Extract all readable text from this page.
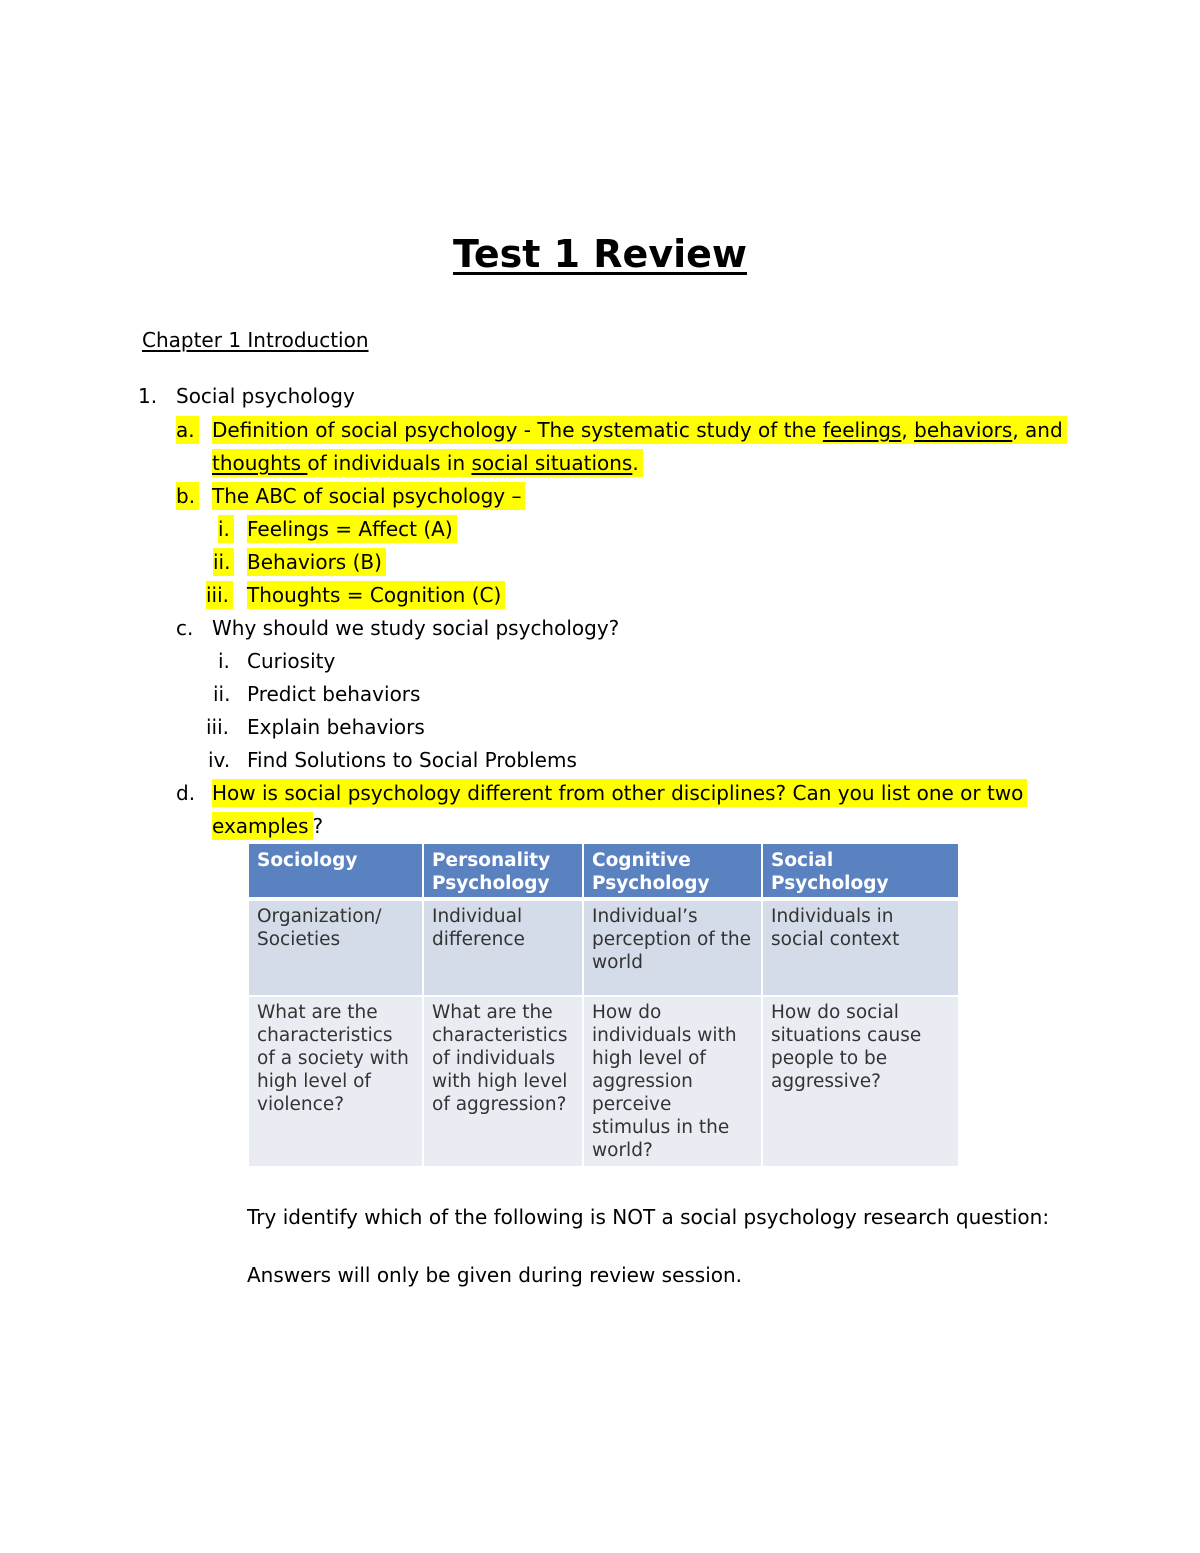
Test 1 Review
Chapter 1 Introduction
1. Social psychology
a. Definition of social psychology - The systematic study of the feelings, behaviors, and
thoughts of individuals in social situations.
b. The ABC of social psychology –
i. Feelings = Affect (A)
ii. Behaviors (B)
iii. Thoughts = Cognition (C)
c. Why should we study social psychology?
i. Curiosity
ii. Predict behaviors
iii. Explain behaviors
iv. Find Solutions to Social Problems
d. How is social psychology different from other disciplines? Can you list one or two
examples ?
Sociology	Personality Psychology	Cognitive Psychology	Social Psychology
Organization/ Societies	Individual difference	Individual’s perception of the world	Individuals in social context
What are the characteristics of a society with high level of violence?	What are the characteristics of individuals with high level of aggression?	How do individuals with high level of aggression perceive stimulus in the world?	How do social situations cause people to be aggressive?
Try identify which of the following is NOT a social psychology research question:
Answers will only be given during review session.
